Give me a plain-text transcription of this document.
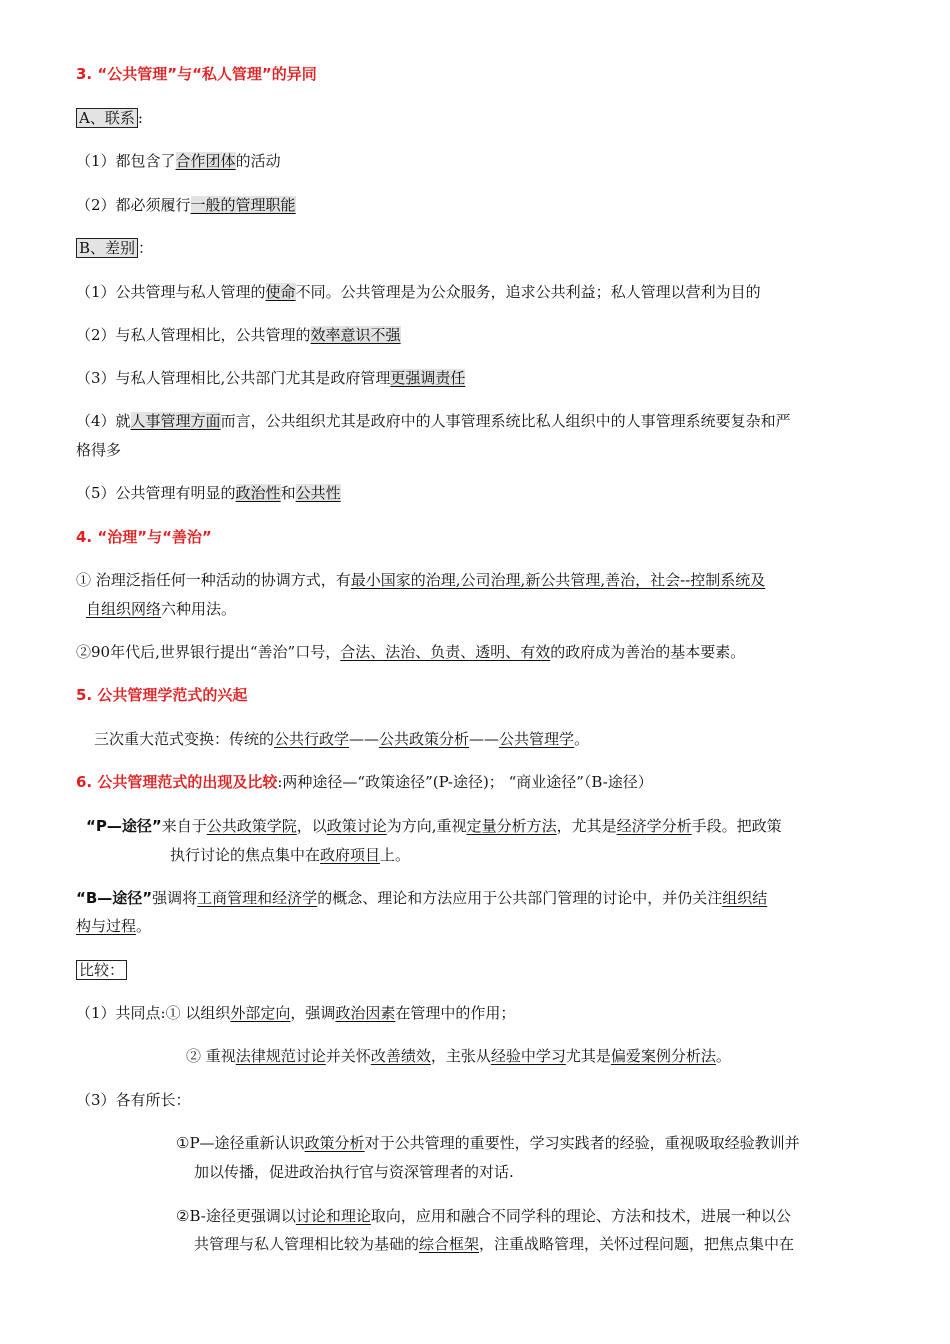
3. “公共管理”与“私人管理”的异同
A、联系 :
（1）都包含了合作团体的活动
（2）都必须履行一般的管理职能
B、差别 ：
（1）公共管理与私人管理的使命不同。公共管理是为公众服务，追求公共利益；私人管理以营利为目的
（2）与私人管理相比，公共管理的效率意识不强
（3）与私人管理相比,公共部门尤其是政府管理更强调责任
（4）就人事管理方面而言，公共组织尤其是政府中的人事管理系统比私人组织中的人事管理系统要复杂和严
格得多
（5）公共管理有明显的政治性和公共性
4. “治理”与“善治”
① 治理泛指任何一种活动的协调方式，有最小国家的治理,公司治理,新公共管理,善治，社会--控制系统及
自组织网络六种用法。
②90年代后,世界银行提出“善治”口号，合法、法治、负责、透明、有效的政府成为善治的基本要素。
5. 公共管理学范式的兴起
三次重大范式变换：传统的公共行政学——公共政策分析——公共管理学。
6. 公共管理范式的出现及比较:两种途径—“政策途径”(P-途径)； “商业途径”（B-途径）
“P—途径”来自于公共政策学院，以政策讨论为方向,重视定量分析方法，尤其是经济学分析手段。把政策
执行讨论的焦点集中在政府项目上。
“B—途径”强调将工商管理和经济学的概念、理论和方法应用于公共部门管理的讨论中，并仍关注组织结
构与过程。
比较：
（1）共同点:① 以组织外部定向，强调政治因素在管理中的作用；
② 重视法律规范讨论并关怀改善绩效，主张从经验中学习尤其是偏爱案例分析法。
（3）各有所长：
①P—途径重新认识政策分析对于公共管理的重要性，学习实践者的经验，重视吸取经验教训并
加以传播，促进政治执行官与资深管理者的对话.
②B-途径更强调以讨论和理论取向，应用和融合不同学科的理论、方法和技术，进展一种以公
共管理与私人管理相比较为基础的综合框架，注重战略管理，关怀过程问题，把焦点集中在
